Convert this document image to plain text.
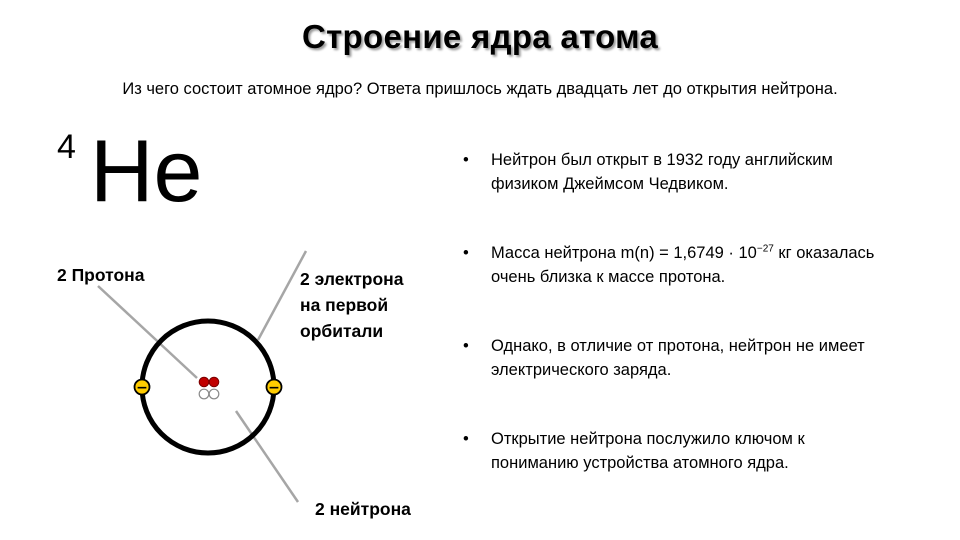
Строение ядра атома
Из чего состоит атомное ядро? Ответа пришлось ждать двадцать лет до открытия нейтрона.
4 He
−	−
2 Протона	2 электрона
на первой
орбитали
2 нейтрона
• Нейтрон был открыт в 1932 году английским
физиком Джеймсом Чедвиком.
• Масса нейтрона $m(n) = 1,6749 \cdot 10^{-27}$ кг оказалась
очень близка к массе протона.
• Однако, в отличие от протона, нейтрон не имеет
электрического заряда.
• Открытие нейтрона послужило ключом к
пониманию устройства атомного ядра.
